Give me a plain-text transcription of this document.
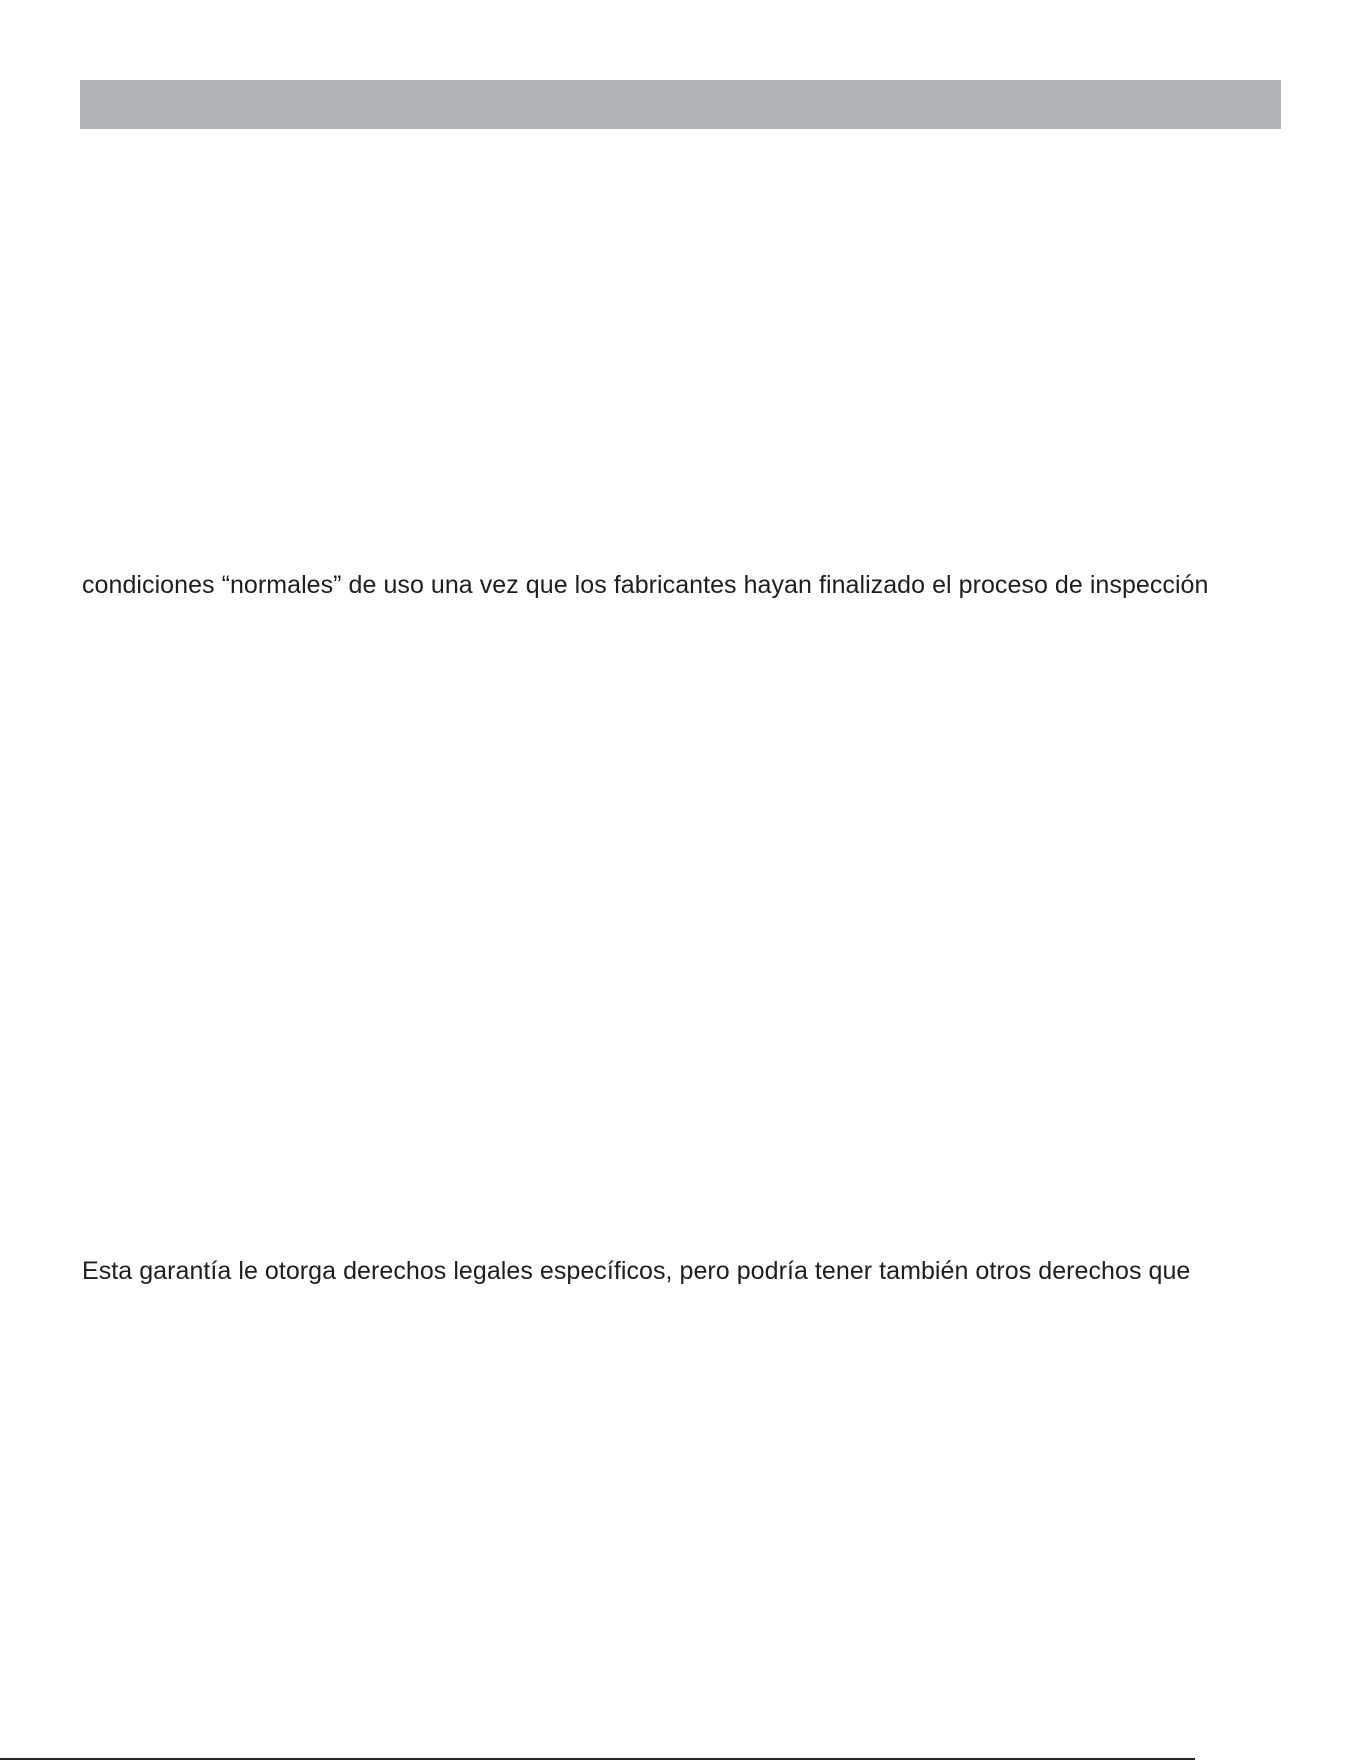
condiciones “normales” de uso una vez que los fabricantes hayan finalizado el proceso de inspección
Esta garantía le otorga derechos legales específicos, pero podría tener también otros derechos que
